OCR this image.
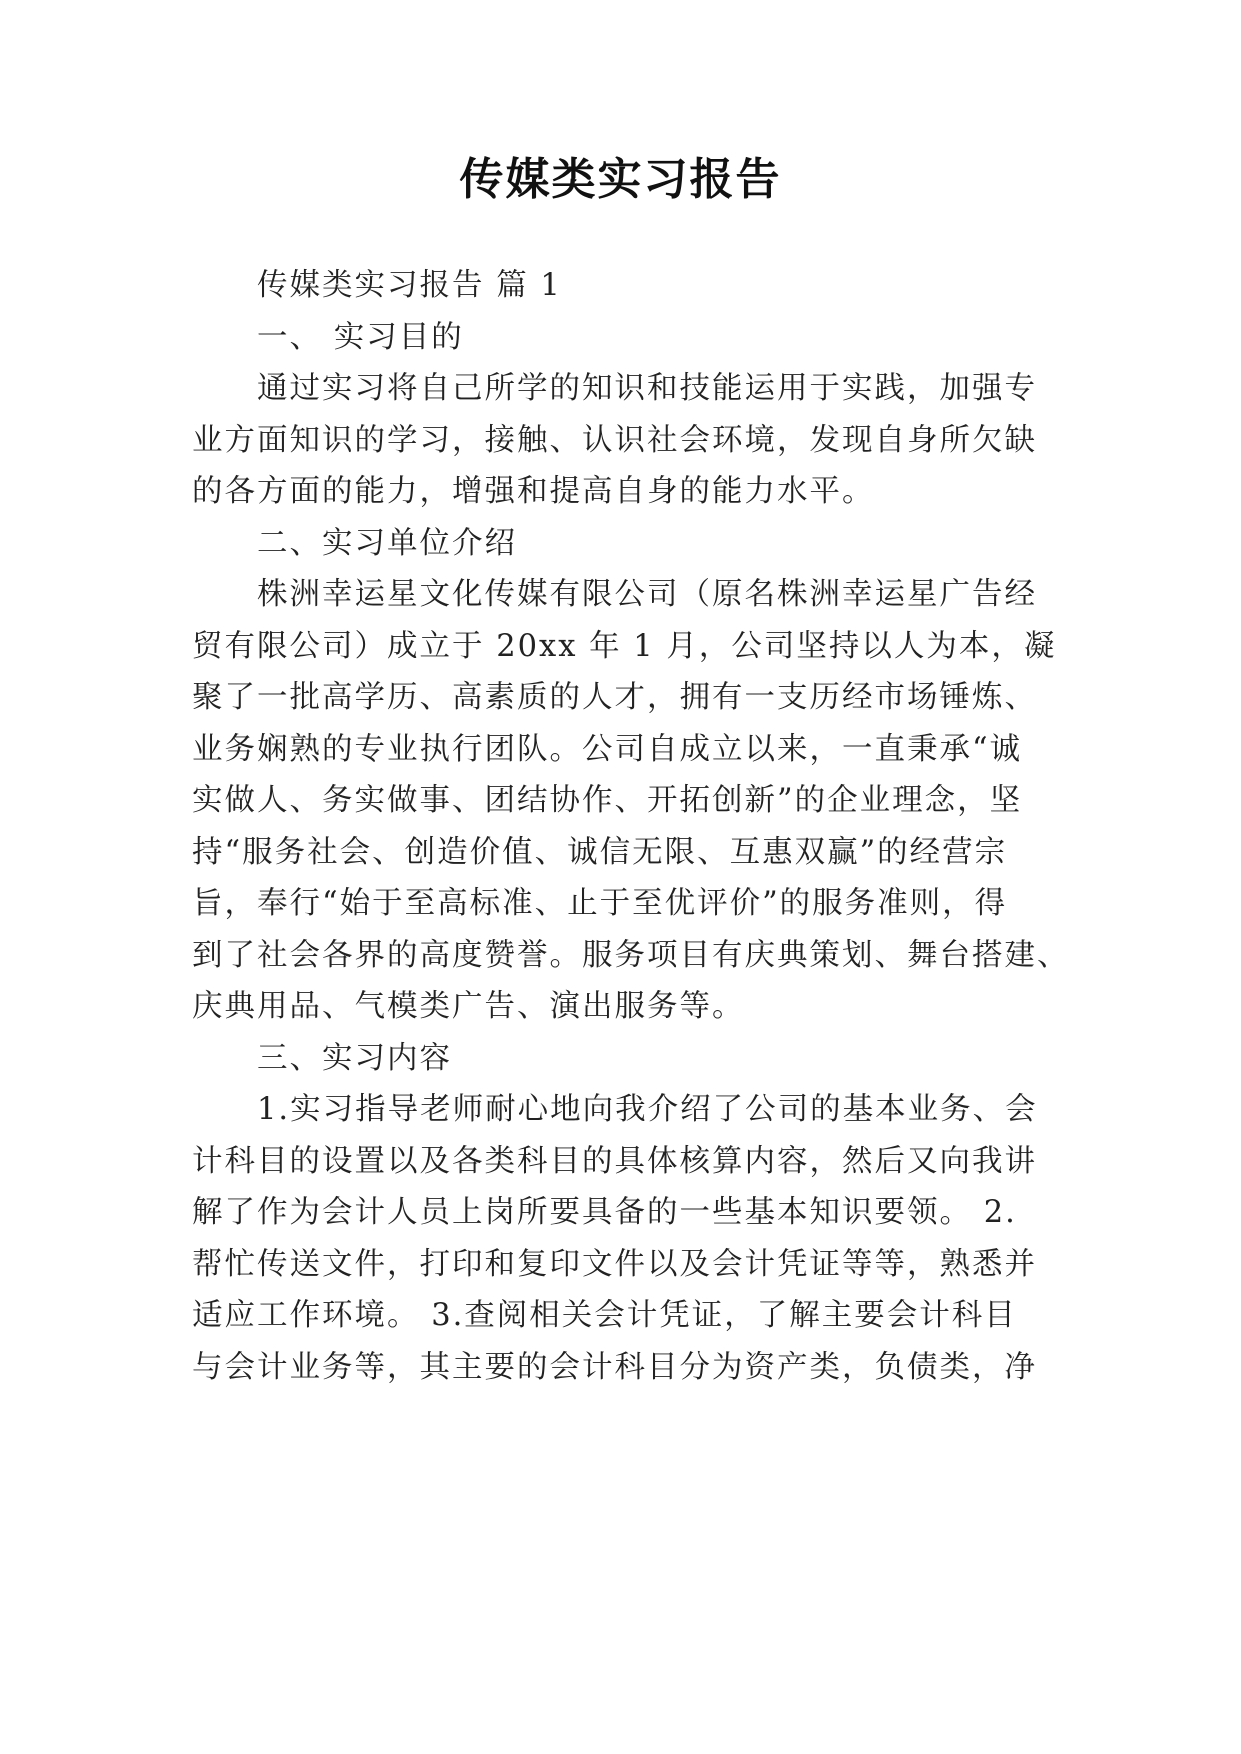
传媒类实习报告
传媒类实习报告 篇 1
一、 实习目的
通过实习将自己所学的知识和技能运用于实践，加强专
业方面知识的学习，接触、认识社会环境，发现自身所欠缺
的各方面的能力，增强和提高自身的能力水平。
二、实习单位介绍
株洲幸运星文化传媒有限公司（原名株洲幸运星广告经
贸有限公司）成立于 20xx 年 1 月，公司坚持以人为本，凝
聚了一批高学历、高素质的人才，拥有一支历经市场锤炼、
业务娴熟的专业执行团队。公司自成立以来，一直秉承“诚
实做人、务实做事、团结协作、开拓创新”的企业理念，坚
持“服务社会、创造价值、诚信无限、互惠双赢”的经营宗
旨，奉行“始于至高标准、止于至优评价”的服务准则，得
到了社会各界的高度赞誉。服务项目有庆典策划、舞台搭建、
庆典用品、气模类广告、演出服务等。
三、实习内容
1.实习指导老师耐心地向我介绍了公司的基本业务、会
计科目的设置以及各类科目的具体核算内容，然后又向我讲
解了作为会计人员上岗所要具备的一些基本知识要领。 2.
帮忙传送文件，打印和复印文件以及会计凭证等等，熟悉并
适应工作环境。 3.查阅相关会计凭证，了解主要会计科目
与会计业务等，其主要的会计科目分为资产类，负债类，净
